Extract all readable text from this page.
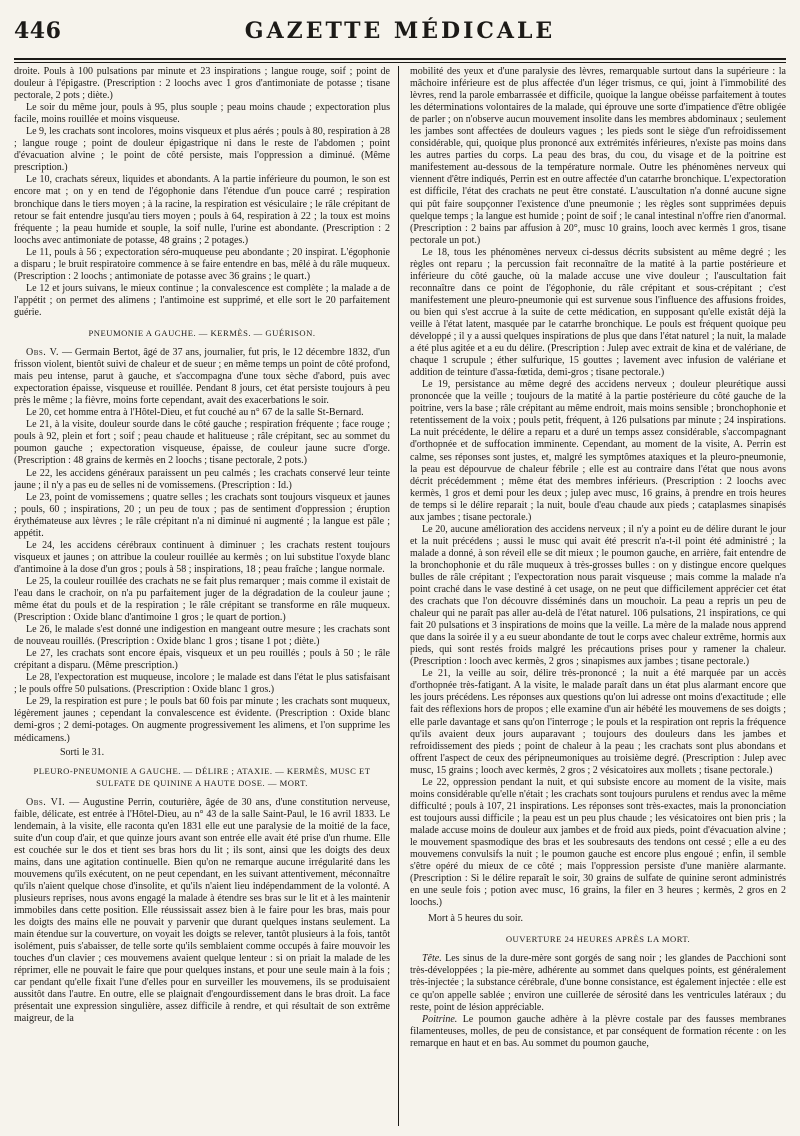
446	GAZETTE MÉDICALE

droite. Pouls à 100 pulsations par minute et 23 inspirations ; langue rouge, soif ; point de douleur à l'épigastre. (Prescription : 2 loochs avec 1 gros d'antimoniate de potasse ; tisane pectorale, 2 pots ; diète.)

Le soir du même jour, pouls à 95, plus souple ; peau moins chaude ; expectoration plus facile, moins rouillée et moins visqueuse.

Le 9, les crachats sont incolores, moins visqueux et plus aérés ; pouls à 80, respiration à 28 ; langue rouge ; point de douleur épigastrique ni dans le reste de l'abdomen ; point d'évacuation alvine ; le point de côté persiste, mais l'oppression a diminué. (Même prescription.)

Le 10, crachats séreux, liquides et abondants. A la partie inférieure du poumon, le son est encore mat ; on y en tend de l'égophonie dans l'étendue d'un pouce carré ; respiration bronchique dans le tiers moyen ; à la racine, la respiration est vésiculaire ; le râle crépitant de retour se fait entendre jusqu'au tiers moyen ; pouls à 64, respiration à 22 ; la toux est moins fréquente ; la peau humide et souple, la soif nulle, l'urine est abondante. (Prescription : 2 loochs avec antimoniate de potasse, 48 grains ; 2 potages.)

Le 11, pouls à 56 ; expectoration séro-muqueuse peu abondante ; 20 inspirat. L'égophonie a disparu ; le bruit respiratoire commence à se faire entendre en bas, mêlé à du râle muqueux. (Prescription : 2 loochs ; antimoniate de potasse avec 36 grains ; le quart.)

Le 12 et jours suivans, le mieux continue ; la convalescence est complète ; la malade a de l'appétit ; on permet des alimens ; l'antimoine est supprimé, et elle sort le 20 parfaitement guérie.

PNEUMONIE A GAUCHE. — KERMÈS. — GUÉRISON.

Obs. V. — Germain Bertot, âgé de 37 ans, journalier, fut pris, le 12 décembre 1832, d'un frisson violent, bientôt suivi de chaleur et de sueur ; en même temps un point de côté profond, mais peu intense, parut à gauche, et s'accompagna d'une toux sèche d'abord, puis avec expectoration épaisse, visqueuse et rouillée. Pendant 8 jours, cet état persiste toujours à peu près le même ; la fièvre, moins forte cependant, avait des exacerbations le soir.

Le 20, cet homme entra à l'Hôtel-Dieu, et fut couché au n° 67 de la salle St-Bernard.

Le 21, à la visite, douleur sourde dans le côté gauche ; respiration fréquente ; face rouge ; pouls à 92, plein et fort ; soif ; peau chaude et halitueuse ; râle crépitant, sec au sommet du poumon gauche ; expectoration visqueuse, épaisse, de couleur jaune sucre d'orge. (Prescription : 48 grains de kermès en 2 loochs ; tisane pectorale, 2 pots.)

Le 22, les accidens généraux paraissent un peu calmés ; les crachats conservé leur teinte jaune ; il n'y a pas eu de selles ni de vomissemens. (Prescription : Id.)

Le 23, point de vomissemens ; quatre selles ; les crachats sont toujours visqueux et jaunes ; pouls, 60 ; inspirations, 20 ; un peu de toux ; pas de sentiment d'oppression ; éruption érythémateuse aux lèvres ; le râle crépitant n'a ni diminué ni augmenté ; la langue est pâle ; appétit.

Le 24, les accidens cérébraux continuent à diminuer ; les crachats restent toujours visqueux et jaunes ; on attribue la couleur rouillée au kermès ; on lui substitue l'oxyde blanc d'antimoine à la dose d'un gros ; pouls à 58 ; inspirations, 18 ; peau fraîche ; langue normale.

Le 25, la couleur rouillée des crachats ne se fait plus remarquer ; mais comme il existait de l'eau dans le crachoir, on n'a pu parfaitement juger de la dégradation de la couleur jaune ; même état du pouls et de la respiration ; le râle crépitant se transforme en râle muqueux. (Prescription : Oxide blanc d'antimoine 1 gros ; le quart de portion.)

Le 26, le malade s'est donné une indigestion en mangeant outre mesure ; les crachats sont de nouveau rouillés. (Prescription : Oxide blanc 1 gros ; tisane 1 pot ; diète.)

Le 27, les crachats sont encore épais, visqueux et un peu rouillés ; pouls à 50 ; le râle crépitant a disparu. (Même prescription.)

Le 28, l'expectoration est muqueuse, incolore ; le malade est dans l'état le plus satisfaisant ; le pouls offre 50 pulsations. (Prescription : Oxide blanc 1 gros.)

Le 29, la respiration est pure ; le pouls bat 60 fois par minute ; les crachats sont muqueux, légèrement jaunes ; cependant la convalescence est évidente. (Prescription : Oxide blanc demi-gros ; 2 demi-potages. On augmente progressivement les alimens, et l'on supprime les médicamens.)

Sorti le 31.

PLEURO-PNEUMONIE A GAUCHE. — DÉLIRE ; ATAXIE. — KERMÈS, MUSC ET SULFATE DE QUININE A HAUTE DOSE. — MORT.

Obs. VI. — Augustine Perrin, couturière, âgée de 30 ans, d'une constitution nerveuse, faible, délicate, est entrée à l'Hôtel-Dieu, au n° 43 de la salle Saint-Paul, le 16 avril 1833. Le lendemain, à la visite, elle raconta qu'en 1831 elle eut une paralysie de la moitié de la face, suite d'un coup d'air, et que quinze jours avant son entrée elle avait été prise d'un rhume. Elle est couchée sur le dos et tient ses bras hors du lit ; ils sont, ainsi que les doigts des deux mains, dans une agitation continuelle. Bien qu'on ne remarque aucune irrégularité dans les mouvemens qu'ils exécutent, on ne peut cependant, en les suivant attentivement, méconnaître qu'ils n'aient quelque chose d'insolite, et qu'ils n'aient lieu indépendamment de la volonté. A plusieurs reprises, nous avons engagé la malade à étendre ses bras sur le lit et à les maintenir immobiles dans cette position. Elle réussissait assez bien à le faire pour les bras, mais pour les doigts des mains elle ne pouvait y parvenir que durant quelques instans seulement. La main étendue sur la couverture, on voyait les doigts se relever, tantôt plusieurs à la fois, tantôt isolément, puis s'abaisser, de telle sorte qu'ils semblaient comme occupés à faire mouvoir les touches d'un clavier ; ces mouvemens avaient quelque lenteur : si on priait la malade de les réprimer, elle ne pouvait le faire que pour quelques instans, et pour une seule main à la fois ; car pendant qu'elle fixait l'une d'elles pour en surveiller les mouvemens, ils se produisaient aussitôt dans l'autre. En outre, elle se plaignait d'engourdissement dans le bras droit. La face présentait une expression singulière, assez difficile à rendre, et qui résultait de son extrême maigreur, de la

mobilité des yeux et d'une paralysie des lèvres, remarquable surtout dans la supérieure : la mâchoire inférieure est de plus affectée d'un léger trismus, ce qui, joint à l'immobilité des lèvres, rend la parole embarrassée et difficile, quoique la langue obéisse parfaitement à toutes les déterminations volontaires de la malade, qui éprouve une sorte d'impatience d'être obligée de parler ; on n'observe aucun mouvement insolite dans les membres abdominaux ; seulement les jambes sont affectées de douleurs vagues ; les pieds sont le siège d'un refroidissement considérable, qui, quoique plus prononcé aux extrémités inférieures, n'existe pas moins dans les autres parties du corps. La peau des bras, du cou, du visage et de la poitrine est manifestement au-dessous de la température normale. Outre les phénomènes nerveux qui viennent d'être indiqués, Perrin est en outre affectée d'un catarrhe bronchique. L'expectoration est difficile, l'état des crachats ne peut être constaté. L'auscultation n'a donné aucune signe qui pût faire soupçonner l'existence d'une pneumonie ; les règles sont supprimées depuis quelque temps ; la langue est humide ; point de soif ; le canal intestinal n'offre rien d'anormal. (Prescription : 2 bains par affusion à 20°, musc 10 grains, looch avec kermès 1 gros, tisane pectorale un pot.)

Le 18, tous les phénomènes nerveux ci-dessus décrits subsistent au même degré ; les règles ont reparu ; la percussion fait reconnaître de la matité à la partie postérieure et inférieure du côté gauche, où la malade accuse une vive douleur ; l'auscultation fait reconnaître dans ce point de l'égophonie, du râle crépitant et sous-crépitant ; c'est manifestement une pleuro-pneumonie qui est survenue sous l'influence des affusions froides, ou bien qui s'est accrue à la suite de cette médication, en supposant qu'elle existât déjà la veille à l'état latent, masquée par le catarrhe bronchique. Le pouls est fréquent quoique peu développé ; il y a aussi quelques inspirations de plus que dans l'état naturel ; la nuit, la malade a été plus agitée et a eu du délire. (Prescription : Julep avec extrait de kina et de valériane, de chaque 1 scrupule ; éther sulfurique, 15 gouttes ; lavement avec infusion de valériane et addition de teinture d'assa-fœtida, demi-gros ; tisane pectorale.)

Le 19, persistance au même degré des accidens nerveux ; douleur pleurétique aussi prononcée que la veille ; toujours de la matité à la partie postérieure du côté gauche de la poitrine, vers la base ; râle crépitant au même endroit, mais moins sensible ; bronchophonie et retentissement de la voix ; pouls petit, fréquent, à 126 pulsations par minute ; 24 inspirations. La nuit précédente, le délire a reparu et a duré un temps assez considérable, s'accompagnant d'orthopnée et de suffocation imminente. Cependant, au moment de la visite, A. Perrin est calme, ses réponses sont justes, et, malgré les symptômes ataxiques et la pleuro-pneumonie, la peau est dépourvue de chaleur fébrile ; elle est au contraire dans l'état que nous avons décrit précédemment ; même état des membres inférieurs. (Prescription : 2 loochs avec kermès, 1 gros et demi pour les deux ; julep avec musc, 16 grains, à prendre en trois heures de temps si le délire reparait ; la nuit, boule d'eau chaude aux pieds ; cataplasmes sinapisés aux jambes ; tisane pectorale.)

Le 20, aucune amélioration des accidens nerveux ; il n'y a point eu de délire durant le jour et la nuit précédens ; aussi le musc qui avait été prescrit n'a-t-il point été administré ; la malade a donné, à son réveil elle se dit mieux ; le poumon gauche, en arrière, fait entendre de la bronchophonie et du râle muqueux à très-grosses bulles : on y distingue encore quelques bulles de râle crépitant ; l'expectoration nous parait visqueuse ; mais comme la malade n'a point craché dans le vase destiné à cet usage, on ne peut que difficilement apprécier cet état des crachats que l'on découvre disséminés dans un mouchoir. La peau a repris un peu de chaleur qui ne paraît pas aller au-delà de l'état naturel. 106 pulsations, 21 inspirations, ce qui fait 20 pulsations et 3 inspirations de moins que la veille. La mère de la malade nous apprend que dans la soirée il y a eu sueur abondante de tout le corps avec chaleur extrême, hormis aux pieds, qui sont restés froids malgré les précautions prises pour y ramener la chaleur. (Prescription : looch avec kermès, 2 gros ; sinapismes aux jambes ; tisane pectorale.)

Le 21, la veille au soir, délire très-prononcé ; la nuit a été marquée par un accès d'orthopnée très-fatigant. A la visite, le malade paraît dans un état plus alarmant encore que les jours précédens. Les réponses aux questions qu'on lui adresse ont moins d'exactitude ; elle fait des réflexions hors de propos ; elle examine d'un air hébété les mouvemens de ses doigts ; elle parle davantage et sans qu'on l'interroge ; le pouls et la respiration ont repris la fréquence qu'ils avaient deux jours auparavant ; toujours des douleurs dans les jambes et refroidissement des pieds ; point de chaleur à la peau ; les crachats sont plus abondans et offrent l'aspect de ceux des péripneumoniques au troisième degré. (Prescription : Julep avec musc, 15 grains ; looch avec kermès, 2 gros ; 2 vésicatoires aux mollets ; tisane pectorale.)

Le 22, oppression pendant la nuit, et qui subsiste encore au moment de la visite, mais moins considérable qu'elle n'était ; les crachats sont toujours purulens et rendus avec la même difficulté ; pouls à 107, 21 inspirations. Les réponses sont très-exactes, mais la prononciation est toujours aussi difficile ; la peau est un peu plus chaude ; les vésicatoires ont bien pris ; la malade accuse moins de douleur aux jambes et de froid aux pieds, point d'évacuation alvine ; le mouvement spasmodique des bras et les soubresauts des tendons ont cessé ; elle a eu des mouvemens convulsifs la nuit ; le poumon gauche est encore plus engoué ; enfin, il semble s'être opéré du mieux de ce côté ; mais l'oppression persiste d'une manière alarmante. (Prescription : Si le délire reparaît le soir, 30 grains de sulfate de quinine seront administrés en une seule fois ; potion avec musc, 16 grains, la filer en 3 heures ; kermès, 2 gros en 2 loochs.)

Mort à 5 heures du soir.

OUVERTURE 24 HEURES APRÈS LA MORT.

Tête. Les sinus de la dure-mère sont gorgés de sang noir ; les glandes de Pacchioni sont très-développées ; la pie-mère, adhérente au sommet dans quelques points, est généralement très-injectée ; la substance cérébrale, d'une bonne consistance, est également injectée : elle est ce qu'on appelle sablée ; environ une cuillerée de sérosité dans les ventricules latéraux ; du reste, point de lésion appréciable.

Poitrine. Le poumon gauche adhère à la plèvre costale par des fausses membranes filamenteuses, molles, de peu de consistance, et par conséquent de formation récente : on les remarque en haut et en bas. Au sommet du poumon gauche,
